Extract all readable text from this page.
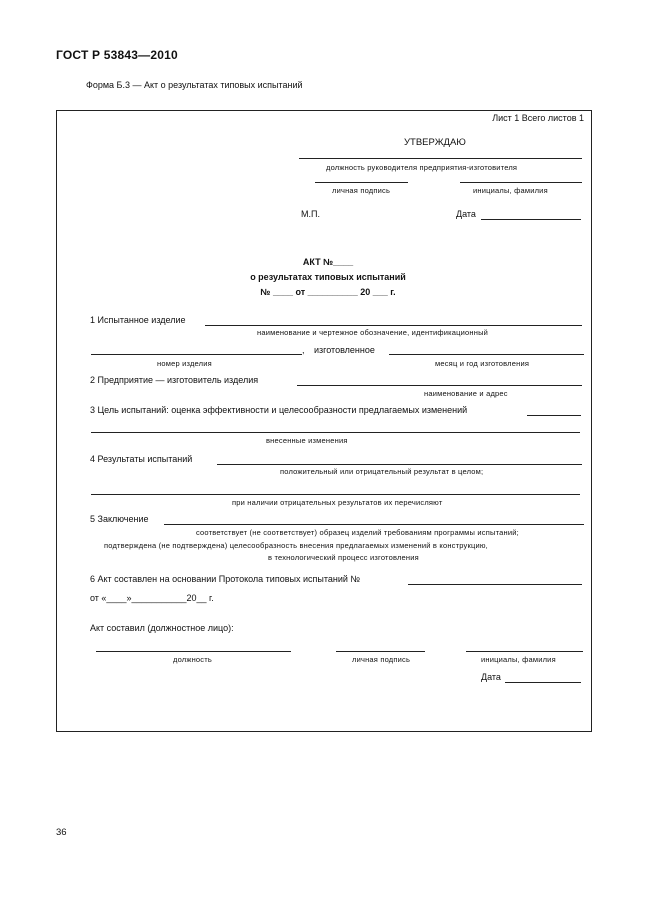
ГОСТ Р 53843—2010
Форма Б.3 — Акт о результатах типовых испытаний
Лист 1 Всего листов 1
УТВЕРЖДАЮ
должность руководителя предприятия-изготовителя
личная подпись	инициалы, фамилия
М.П.	Дата
АКТ №____
о результатах типовых испытаний
№ ____ от __________ 20 ___ г.
1 Испытанное изделие
наименование и чертежное обозначение, идентификационный
,
номер изделия
изготовленное
месяц и год изготовления
2 Предприятие — изготовитель изделия
наименование и адрес
3 Цель испытаний: оценка эффективности и целесообразности предлагаемых изменений
внесенные изменения
4 Результаты испытаний
положительный или отрицательный результат в целом;
при наличии отрицательных результатов их перечисляют
5 Заключение
соответствует (не соответствует) образец изделий требованиям программы испытаний;
подтверждена (не подтверждена) целесообразность внесения предлагаемых изменений в конструкцию,
в технологический процесс изготовления
6 Акт составлен на основании Протокола типовых испытаний №
от «____»___________20__ г.
Акт составил (должностное лицо):
должность	личная подпись	инициалы, фамилия
Дата
36
